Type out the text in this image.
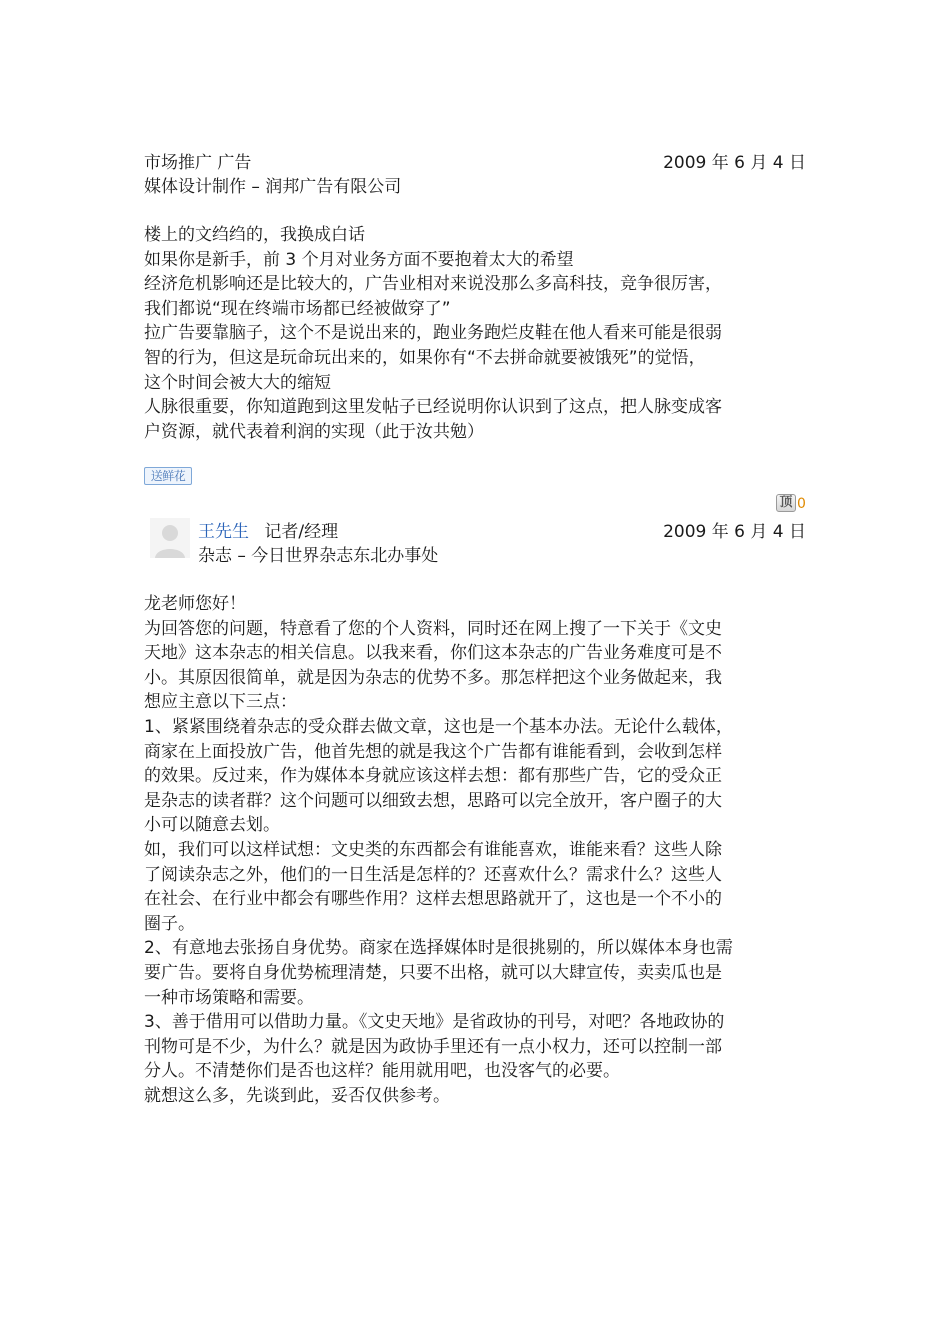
市场推广 广告	2009 年 6 月 4 日
媒体设计制作 – 润邦广告有限公司
楼上的文绉绉的，我换成白话
如果你是新手，前 3 个月对业务方面不要抱着太大的希望
经济危机影响还是比较大的，广告业相对来说没那么多高科技，竞争很厉害，
我们都说“现在终端市场都已经被做穿了”
拉广告要靠脑子，这个不是说出来的，跑业务跑烂皮鞋在他人看来可能是很弱
智的行为，但这是玩命玩出来的，如果你有“不去拼命就要被饿死”的觉悟，
这个时间会被大大的缩短
人脉很重要，你知道跑到这里发帖子已经说明你认识到了这点，把人脉变成客
户资源，就代表着利润的实现（此于汝共勉）
送鲜花
顶 0
王先生 记者/经理	2009 年 6 月 4 日
杂志 – 今日世界杂志东北办事处
龙老师您好！
为回答您的问题，特意看了您的个人资料，同时还在网上搜了一下关于《文史
天地》这本杂志的相关信息。以我来看，你们这本杂志的广告业务难度可是不
小。其原因很简单，就是因为杂志的优势不多。那怎样把这个业务做起来，我
想应主意以下三点：
1、紧紧围绕着杂志的受众群去做文章，这也是一个基本办法。无论什么载体，
商家在上面投放广告，他首先想的就是我这个广告都有谁能看到，会收到怎样
的效果。反过来，作为媒体本身就应该这样去想：都有那些广告，它的受众正
是杂志的读者群？这个问题可以细致去想，思路可以完全放开，客户圈子的大
小可以随意去划。
如，我们可以这样试想：文史类的东西都会有谁能喜欢，谁能来看？这些人除
了阅读杂志之外，他们的一日生活是怎样的？还喜欢什么？需求什么？这些人
在社会、在行业中都会有哪些作用？这样去想思路就开了，这也是一个不小的
圈子。
2、有意地去张扬自身优势。商家在选择媒体时是很挑剔的，所以媒体本身也需
要广告。要将自身优势梳理清楚，只要不出格，就可以大肆宣传，卖卖瓜也是
一种市场策略和需要。
3、善于借用可以借助力量。《文史天地》是省政协的刊号，对吧？各地政协的
刊物可是不少，为什么？就是因为政协手里还有一点小权力，还可以控制一部
分人。不清楚你们是否也这样？能用就用吧，也没客气的必要。
就想这么多，先谈到此，妥否仅供参考。
